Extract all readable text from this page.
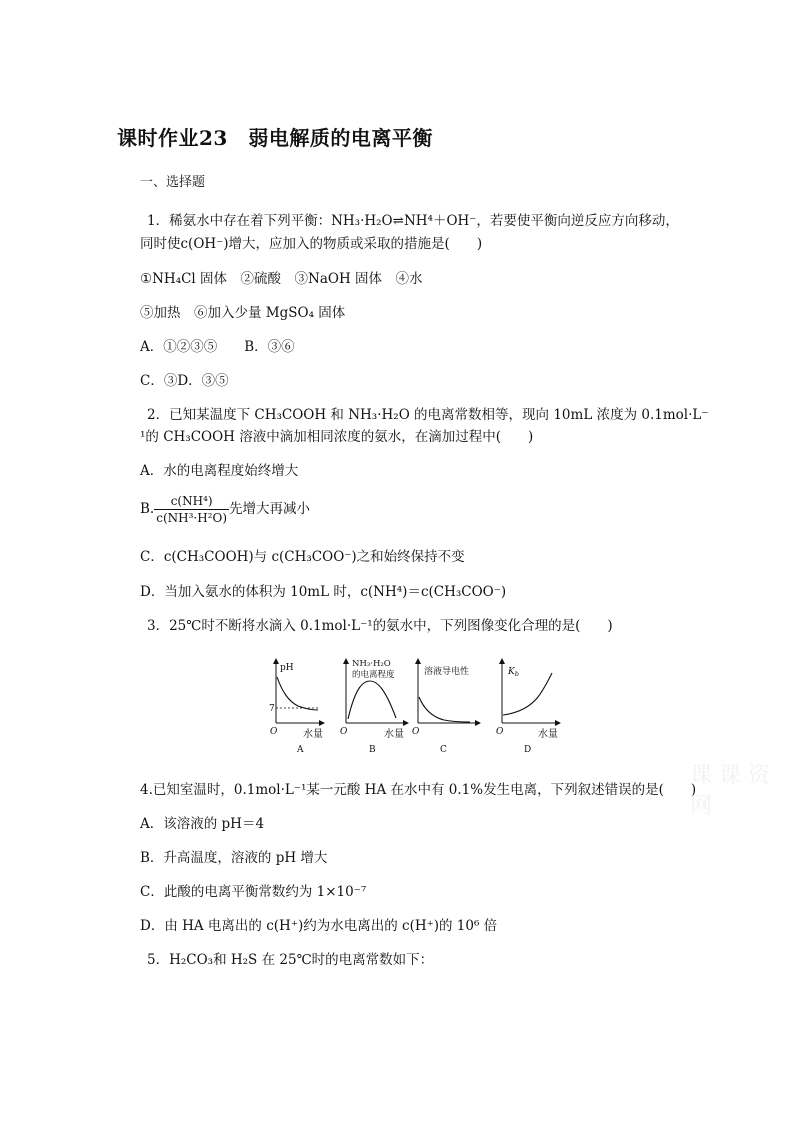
课时作业23　弱电解质的电离平衡
一、选择题
1．稀氨水中存在着下列平衡：NH₃·H₂O⇌NH⁴＋OH⁻，若要使平衡向逆反应方向移动，
同时使c(OH⁻)增大，应加入的物质或采取的措施是(　　)
①NH₄Cl 固体　②硫酸　③NaOH 固体　④水
⑤加热　⑥加入少量 MgSO₄ 固体
A．①②③⑤　　B．③⑥
C．③D．③⑤
2．已知某温度下 CH₃COOH 和 NH₃·H₂O 的电离常数相等，现向 10mL 浓度为 0.1mol·L⁻
¹的 CH₃COOH 溶液中滴加相同浓度的氨水，在滴加过程中(　　)
A．水的电离程度始终增大
B. $\frac{\text{c(NH⁴)}}{\text{c(NH³·H²O)}}$ 先增大再减小
C．c(CH₃COOH)与 c(CH₃COO⁻)之和始终保持不变
D．当加入氨水的体积为 10mL 时，c(NH⁴)＝c(CH₃COO⁻)
3．25℃时不断将水滴入 0.1mol·L⁻¹的氨水中，下列图像变化合理的是(　　)
pH
7
O	水量
A
NH₃·H₂O
的电离程度
O	水量
B
溶液导电性
O
C
$K_b$
O	水量
D
4.已知室温时，0.1mol·L⁻¹某一元酸 HA 在水中有 0.1%发生电离，下列叙述错误的是(　　)
A．该溶液的 pH＝4
B．升高温度，溶液的 pH 增大
C．此酸的电离平衡常数约为 1×10⁻⁷
D．由 HA 电离出的 c(H⁺)约为水电离出的 c(H⁺)的 10⁶ 倍
5．H₂CO₃和 H₂S 在 25℃时的电离常数如下：
课 课 资 网
